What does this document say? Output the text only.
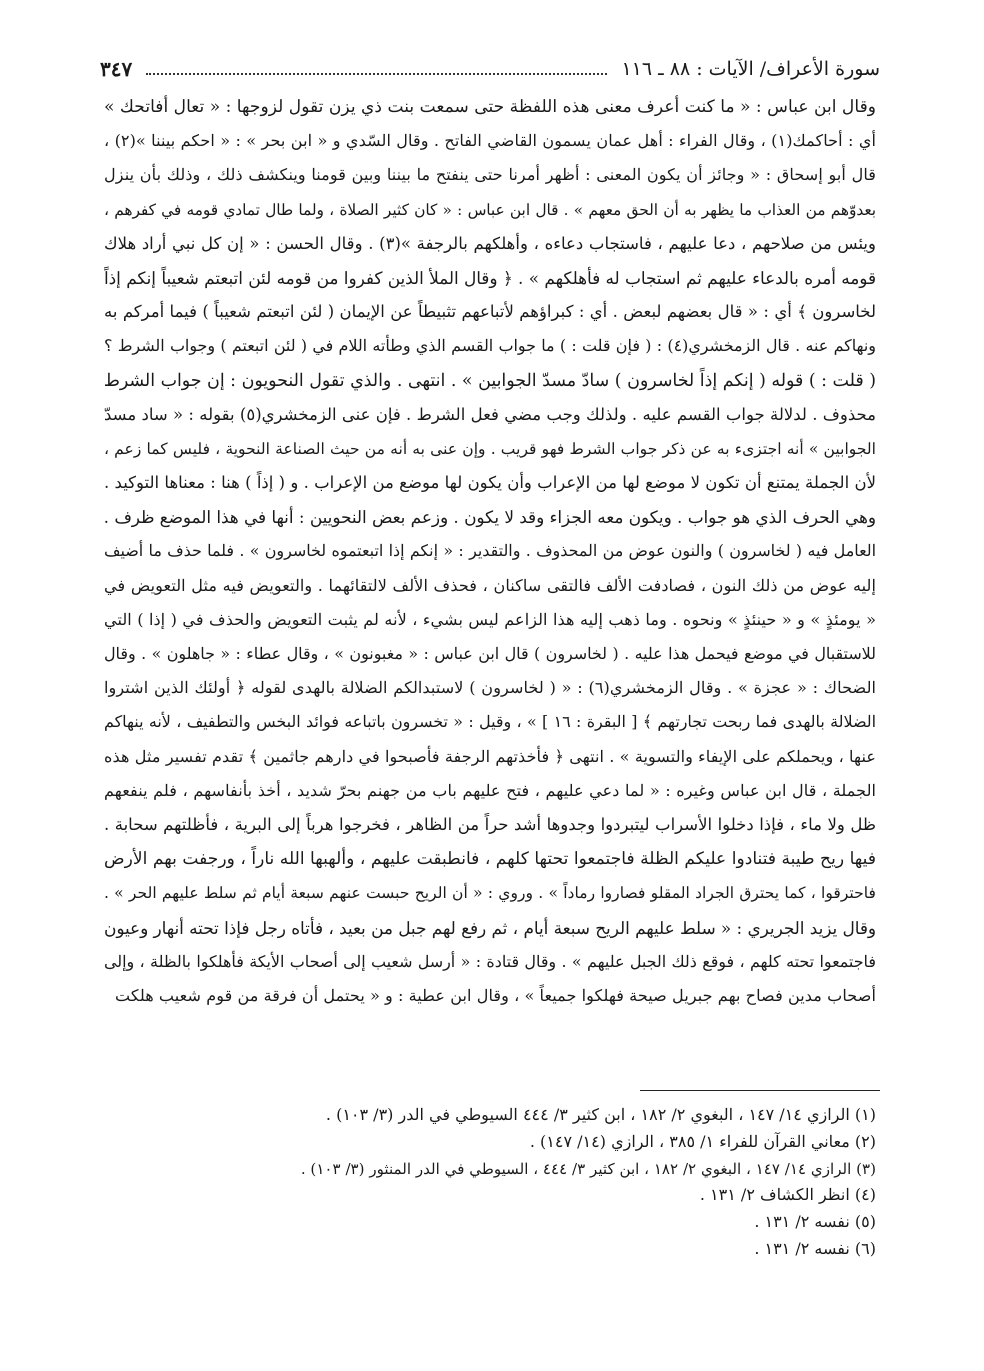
سورة الأعراف/ الآيات : ٨٨ ـ ١١٦
٣٤٧
وقال ابن عباس : « ما كنت أعرف معنى هذه اللفظة حتى سمعت بنت ذي يزن تقول لزوجها : « تعال أفاتحك »
أي : أحاكمك(١) ، وقال الفراء : أهل عمان يسمون القاضي الفاتح . وقال السّدي و « ابن بحر » : « احكم بيننا »(٢) ،
قال أبو إسحاق : « وجائز أن يكون المعنى : أظهر أمرنا حتى ينفتح ما بيننا وبين قومنا وينكشف ذلك ، وذلك بأن ينزل
بعدوّهم من العذاب ما يظهر به أن الحق معهم » . قال ابن عباس : « كان كثير الصلاة ، ولما طال تمادي قومه في كفرهم ،
ويئس من صلاحهم ، دعا عليهم ، فاستجاب دعاءه ، وأهلكهم بالرجفة »(٣) . وقال الحسن : « إن كل نبي أراد هلاك
قومه أمره بالدعاء عليهم ثم استجاب له فأهلكهم » . ﴿ وقال الملأ الذين كفروا من قومه لئن اتبعتم شعيباً إنكم إذاً
لخاسرون ﴾ أي : « قال بعضهم لبعض . أي : كبراؤهم لأتباعهم تثبيطاً عن الإيمان ( لئن اتبعتم شعيباً ) فيما أمركم به
ونهاكم عنه . قال الزمخشري(٤) : ( فإن قلت : ) ما جواب القسم الذي وطأته اللام في ( لئن اتبعتم ) وجواب الشرط ؟
( قلت : ) قوله ( إنكم إذاً لخاسرون ) سادّ مسدّ الجوابين » . انتهى . والذي تقول النحويون : إن جواب الشرط
محذوف . لدلالة جواب القسم عليه . ولذلك وجب مضي فعل الشرط . فإن عنى الزمخشري(٥) بقوله : « ساد مسدّ
الجوابين » أنه اجتزىء به عن ذكر جواب الشرط فهو قريب . وإن عنى به أنه من حيث الصناعة النحوية ، فليس كما زعم ،
لأن الجملة يمتنع أن تكون لا موضع لها من الإعراب وأن يكون لها موضع من الإعراب . و ( إذاً ) هنا : معناها التوكيد .
وهي الحرف الذي هو جواب . ويكون معه الجزاء وقد لا يكون . وزعم بعض النحويين : أنها في هذا الموضع ظرف .
العامل فيه ( لخاسرون ) والنون عوض من المحذوف . والتقدير : « إنكم إذا اتبعتموه لخاسرون » . فلما حذف ما أضيف
إليه عوض من ذلك النون ، فصادفت الألف فالتقى ساكنان ، فحذف الألف لالتقائهما . والتعويض فيه مثل التعويض في
« يومئذٍ » و « حينئذٍ » ونحوه . وما ذهب إليه هذا الزاعم ليس بشيء ، لأنه لم يثبت التعويض والحذف في ( إذا ) التي
للاستقبال في موضع فيحمل هذا عليه . ( لخاسرون ) قال ابن عباس : « مغبونون » ، وقال عطاء : « جاهلون » . وقال
الضحاك : « عجزة » . وقال الزمخشري(٦) : « ( لخاسرون ) لاستبدالكم الضلالة بالهدى لقوله ﴿ أولئك الذين اشتروا
الضلالة بالهدى فما ربحت تجارتهم ﴾ [ البقرة : ١٦ ] » ، وقيل : « تخسرون باتباعه فوائد البخس والتطفيف ، لأنه ينهاكم
عنها ، ويحملكم على الإيفاء والتسوية » . انتهى ﴿ فأخذتهم الرجفة فأصبحوا في دارهم جاثمين ﴾ تقدم تفسير مثل هذه
الجملة ، قال ابن عباس وغيره : « لما دعي عليهم ، فتح عليهم باب من جهنم بحرّ شديد ، أخذ بأنفاسهم ، فلم ينفعهم
ظل ولا ماء ، فإذا دخلوا الأسراب ليتبردوا وجدوها أشد حراً من الظاهر ، فخرجوا هرباً إلى البرية ، فأظلتهم سحابة .
فيها ريح طيبة فتنادوا عليكم الظلة فاجتمعوا تحتها كلهم ، فانطبقت عليهم ، وألهبها الله ناراً ، ورجفت بهم الأرض
فاحترقوا ، كما يحترق الجراد المقلو فصاروا رماداً » . وروي : « أن الريح حبست عنهم سبعة أيام ثم سلط عليهم الحر » .
وقال يزيد الجريري : « سلط عليهم الريح سبعة أيام ، ثم رفع لهم جبل من بعيد ، فأتاه رجل فإذا تحته أنهار وعيون
فاجتمعوا تحته كلهم ، فوقع ذلك الجبل عليهم » . وقال قتادة : « أرسل شعيب إلى أصحاب الأيكة فأهلكوا بالظلة ، وإلى
أصحاب مدين فصاح بهم جبريل صيحة فهلكوا جميعاً » ، وقال ابن عطية : و « يحتمل أن فرقة من قوم شعيب هلكت
(١) الرازي ١٤/ ١٤٧ ، البغوي ٢/ ١٨٢ ، ابن كثير ٣/ ٤٤٤ السيوطي في الدر (٣/ ١٠٣) .
(٢) معاني القرآن للفراء ١/ ٣٨٥ ، الرازي (١٤/ ١٤٧) .
(٣) الرازي ١٤/ ١٤٧ ، البغوي ٢/ ١٨٢ ، ابن كثير ٣/ ٤٤٤ ، السيوطي في الدر المنثور (٣/ ١٠٣) .
(٤) انظر الكشاف ٢/ ١٣١ .
(٥) نفسه ٢/ ١٣١ .
(٦) نفسه ٢/ ١٣١ .
